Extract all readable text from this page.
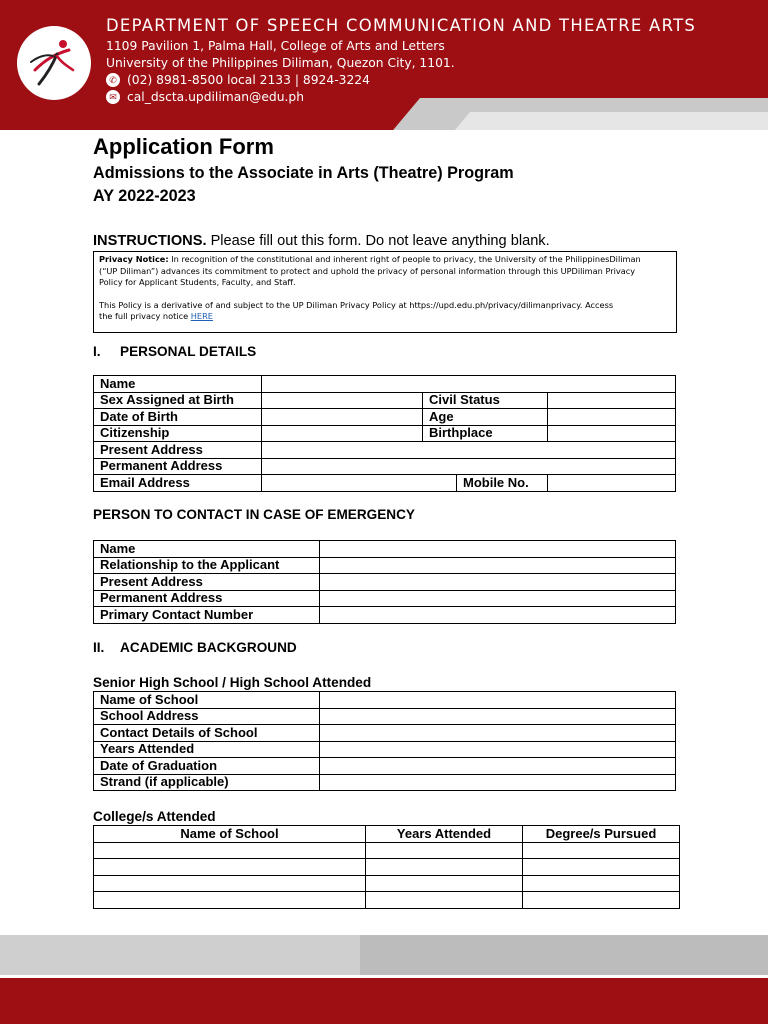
DEPARTMENT OF SPEECH COMMUNICATION AND THEATRE ARTS
1109 Pavilion 1, Palma Hall, College of Arts and Letters
University of the Philippines Diliman, Quezon City, 1101.
✆ (02) 8981-8500 local 2133 | 8924-3224
✉ cal_dscta.updiliman@edu.ph
Application Form
Admissions to the Associate in Arts (Theatre) Program
AY 2022-2023
INSTRUCTIONS. Please fill out this form. Do not leave anything blank.

Privacy Notice: In recognition of the constitutional and inherent right of people to privacy, the University of the PhilippinesDiliman

(“UP Diliman”) advances its commitment to protect and uphold the privacy of personal information through this UPDiliman Privacy

Policy for Applicant Students, Faculty, and Staff.

This Policy is a derivative of and subject to the UP Diliman Privacy Policy at https://upd.edu.ph/privacy/dilimanprivacy. Access

the full privacy notice HERE

I. PERSONAL DETAILS
Name				
Sex Assigned at Birth		Civil Status		
Date of Birth		Age		
Citizenship		Birthplace		
Present Address				
Permanent Address				
Email Address			Mobile No.	
PERSON TO CONTACT IN CASE OF EMERGENCY
Name	
Relationship to the Applicant	
Present Address	
Permanent Address	
Primary Contact Number	
II. ACADEMIC BACKGROUND
Senior High School / High School Attended
Name of School	
School Address	
Contact Details of School	
Years Attended	
Date of Graduation	
Strand (if applicable)	
College/s Attended
Name of School	Years Attended	Degree/s Pursued
